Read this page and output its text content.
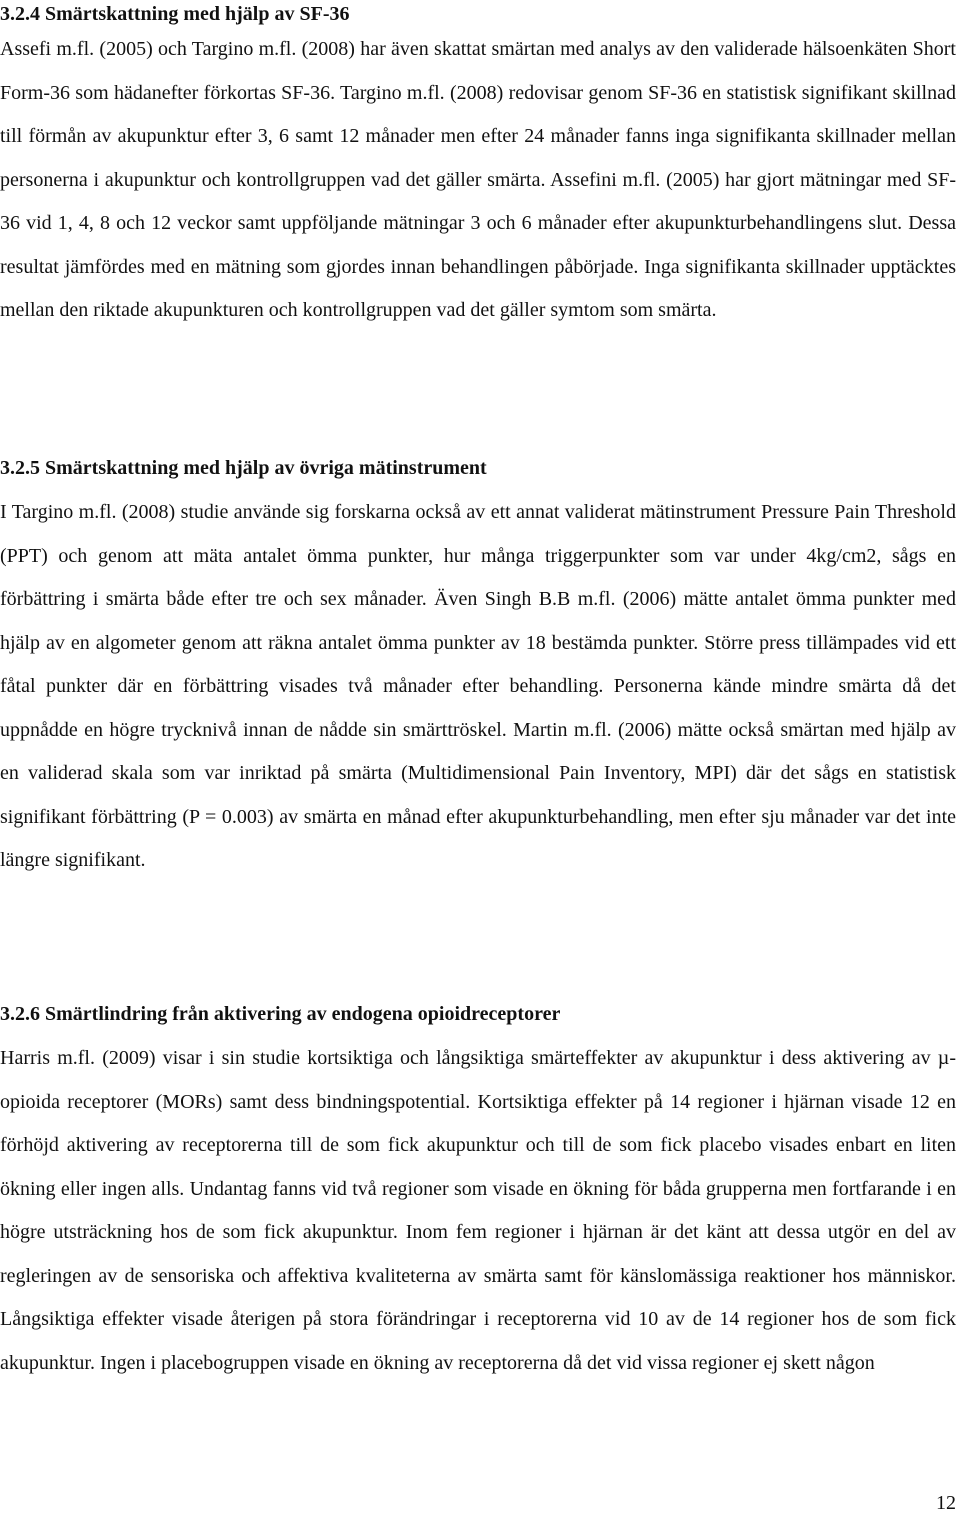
3.2.4 Smärtskattning med hjälp av SF-36

Assefi m.fl. (2005) och Targino m.fl. (2008) har även skattat smärtan med analys av den validerade hälsoenkäten Short Form-36 som hädanefter förkortas SF-36. Targino m.fl. (2008) redovisar genom SF-36 en statistisk signifikant skillnad till förmån av akupunktur efter 3, 6 samt 12 månader men efter 24 månader fanns inga signifikanta skillnader mellan personerna i akupunktur och kontrollgruppen vad det gäller smärta. Assefini m.fl. (2005) har gjort mätningar med SF-36 vid 1, 4, 8 och 12 veckor samt uppföljande mätningar 3 och 6 månader efter akupunkturbehandlingens slut. Dessa resultat jämfördes med en mätning som gjordes innan behandlingen påbörjade. Inga signifikanta skillnader upptäcktes mellan den riktade akupunkturen och kontrollgruppen vad det gäller symtom som smärta.

3.2.5 Smärtskattning med hjälp av övriga mätinstrument

I Targino m.fl. (2008) studie använde sig forskarna också av ett annat validerat mätinstrument Pressure Pain Threshold (PPT) och genom att mäta antalet ömma punkter, hur många triggerpunkter som var under 4kg/cm2, sågs en förbättring i smärta både efter tre och sex månader. Även Singh B.B m.fl. (2006) mätte antalet ömma punkter med hjälp av en algometer genom att räkna antalet ömma punkter av 18 bestämda punkter. Större press tillämpades vid ett fåtal punkter där en förbättring visades två månader efter behandling. Personerna kände mindre smärta då det uppnådde en högre trycknivå innan de nådde sin smärttröskel. Martin m.fl. (2006) mätte också smärtan med hjälp av en validerad skala som var inriktad på smärta (Multidimensional Pain Inventory, MPI) där det sågs en statistisk signifikant förbättring (P = 0.003) av smärta en månad efter akupunkturbehandling, men efter sju månader var det inte längre signifikant.

3.2.6 Smärtlindring från aktivering av endogena opioidreceptorer

Harris m.fl. (2009) visar i sin studie kortsiktiga och långsiktiga smärteffekter av akupunktur i dess aktivering av µ-opioida receptorer (MORs) samt dess bindningspotential. Kortsiktiga effekter på 14 regioner i hjärnan visade 12 en förhöjd aktivering av receptorerna till de som fick akupunktur och till de som fick placebo visades enbart en liten ökning eller ingen alls. Undantag fanns vid två regioner som visade en ökning för båda grupperna men fortfarande i en högre utsträckning hos de som fick akupunktur. Inom fem regioner i hjärnan är det känt att dessa utgör en del av regleringen av de sensoriska och affektiva kvaliteterna av smärta samt för känslomässiga reaktioner hos människor. Långsiktiga effekter visade återigen på stora förändringar i receptorerna vid 10 av de 14 regioner hos de som fick akupunktur. Ingen i placebogruppen visade en ökning av receptorerna då det vid vissa regioner ej skett någon

12
